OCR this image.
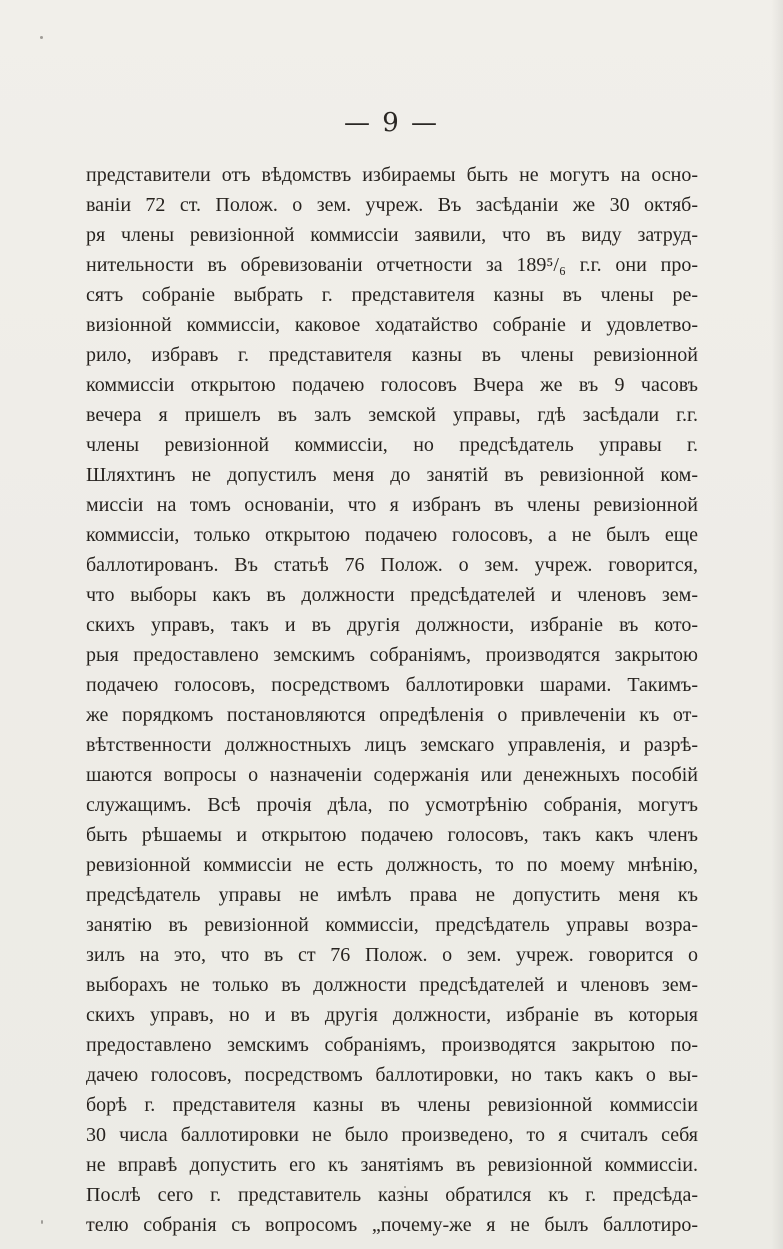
— 9 —
представители отъ вѣдомствъ избираемы быть не могутъ на осно-
ванiи 72 ст. Полож. о зем. учреж. Въ засѣданiи же 30 октяб-
ря члены ревизiонной коммиссiи заявили, что въ виду затруд-
нительности въ обревизованiи отчетности за 189⁵/₆ г.г. они про-
сятъ собранiе выбрать г. представителя казны въ члены ре-
визiонной коммиссiи, каковое ходатайство собранiе и удовлетво-
рило, избравъ г. представителя казны въ члены ревизiонной
коммиссiи открытою подачею голосовъ Вчера же въ 9 часовъ
вечера я пришелъ въ залъ земской управы, гдѣ засѣдали г.г.
члены ревизiонной коммиссiи, но предсѣдатель управы г.
Шляхтинъ не допустилъ меня до занятiй въ ревизiонной ком-
миссiи на томъ основанiи, что я избранъ въ члены ревизiонной
коммиссiи, только открытою подачею голосовъ, а не былъ еще
баллотированъ. Въ статьѣ 76 Полож. о зем. учреж. говорится,
что выборы какъ въ должности предсѣдателей и членовъ зем-
скихъ управъ, такъ и въ другiя должности, избранiе въ кото-
рыя предоставлено земскимъ собранiямъ, производятся закрытою
подачею голосовъ, посредствомъ баллотировки шарами. Такимъ-
же порядкомъ постановляются опредѣленiя о привлеченiи къ от-
вѣтственности должностныхъ лицъ земскаго управленiя, и разрѣ-
шаются вопросы о назначенiи содержанiя или денежныхъ пособiй
служащимъ. Всѣ прочiя дѣла, по усмотрѣнiю собранiя, могутъ
быть рѣшаемы и открытою подачею голосовъ, такъ какъ членъ
ревизiонной коммиссiи не есть должность, то по моему мнѣнiю,
предсѣдатель управы не имѣлъ права не допустить меня къ
занятiю въ ревизiонной коммиссiи, предсѣдатель управы возра-
зилъ на это, что въ ст 76 Полож. о зем. учреж. говорится о
выборахъ не только въ должности предсѣдателей и членовъ зем-
скихъ управъ, но и въ другiя должности, избранiе въ которыя
предоставлено земскимъ собранiямъ, производятся закрытою по-
дачею голосовъ, посредствомъ баллотировки, но такъ какъ о вы-
борѣ г. представителя казны въ члены ревизiонной коммиссiи
30 числа баллотировки не было произведено, то я считалъ себя
не вправѣ допустить его къ занятiямъ въ ревизiонной коммиссiи.
Послѣ сего г. представитель казны обратился къ г. предсѣда-
телю собранiя съ вопросомъ „почему-же я не былъ баллотиро-
